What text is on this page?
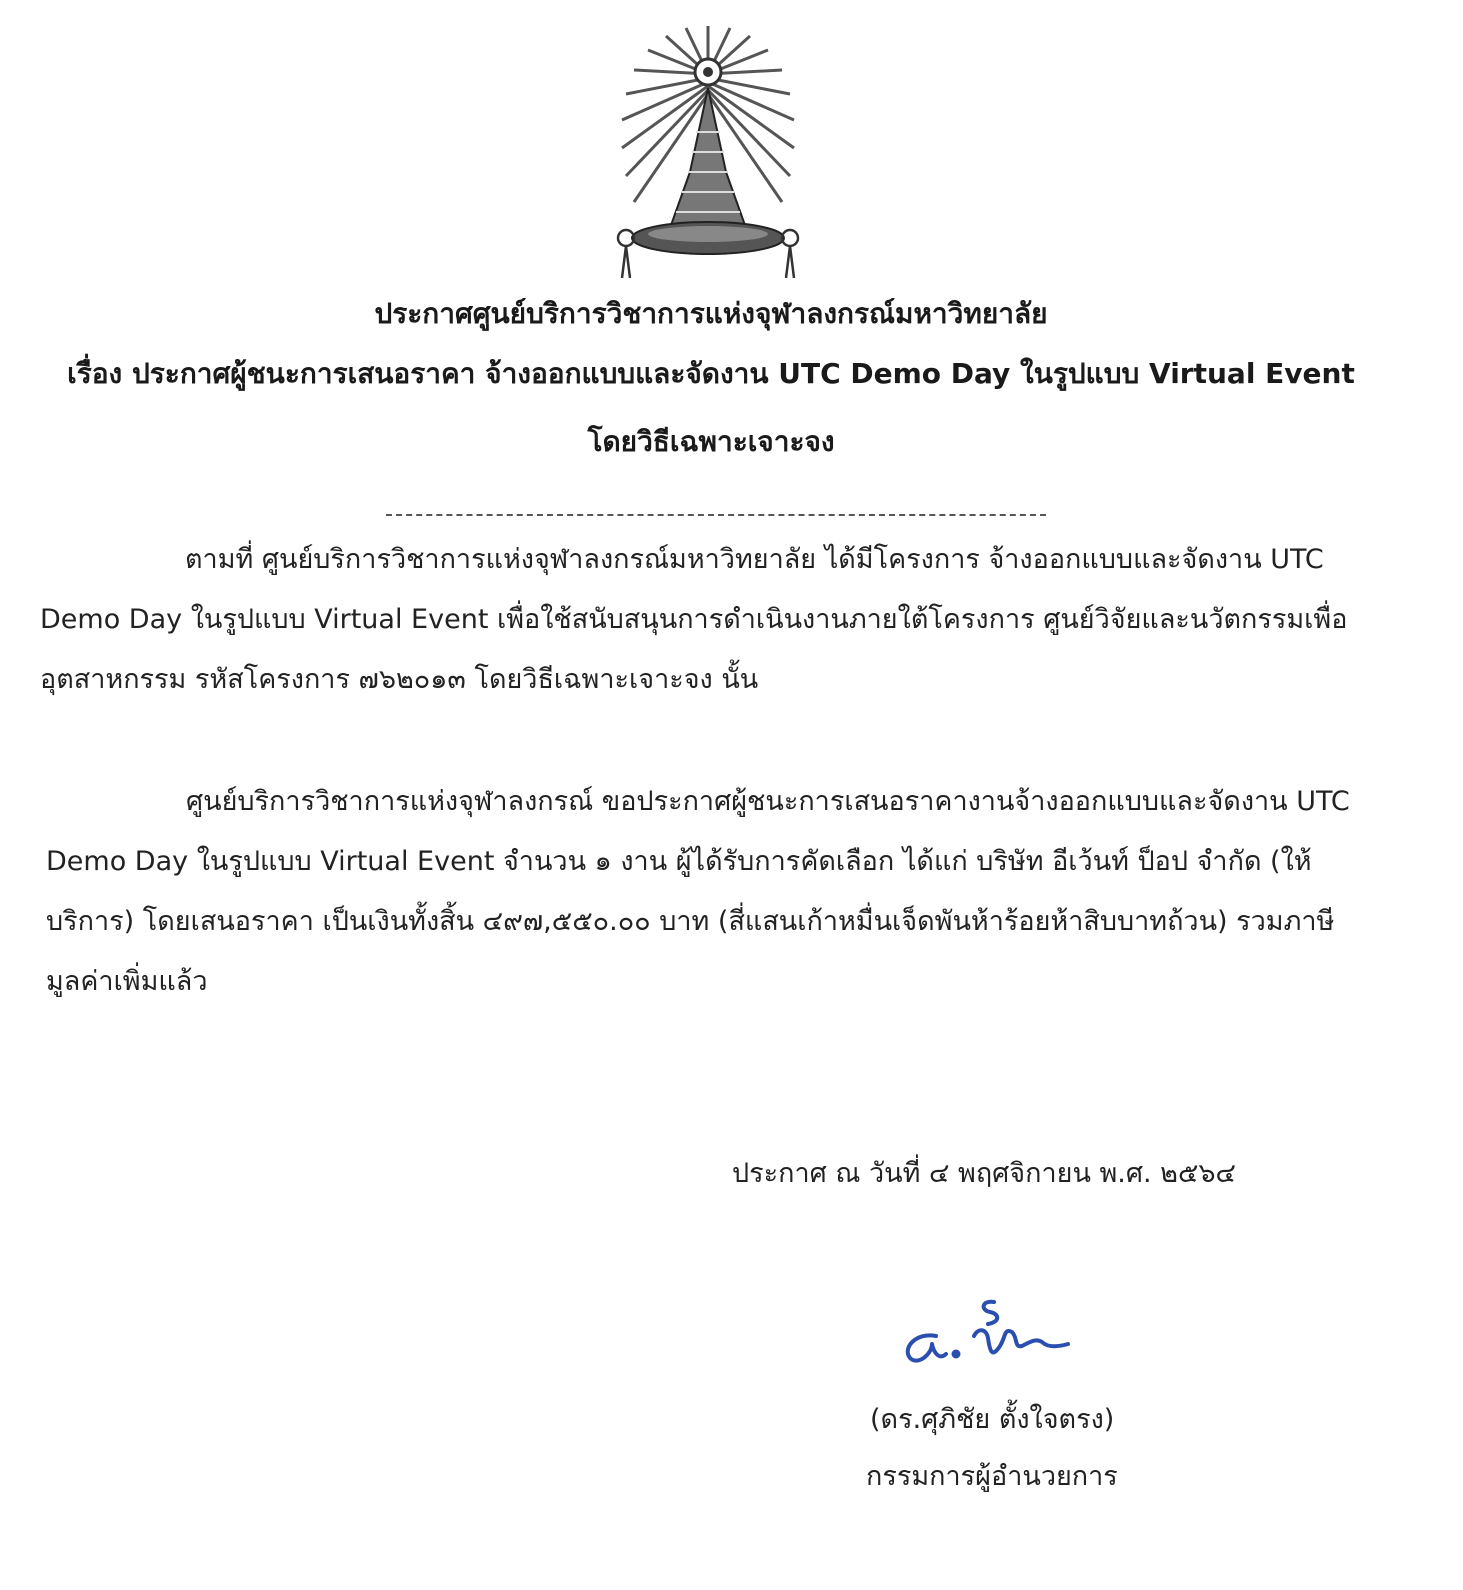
ประกาศศูนย์บริการวิชาการแห่งจุฬาลงกรณ์มหาวิทยาลัย
เรื่อง ประกาศผู้ชนะการเสนอราคา จ้างออกแบบและจัดงาน UTC Demo Day ในรูปแบบ Virtual Event
โดยวิธีเฉพาะเจาะจง
ตามที่ ศูนย์บริการวิชาการแห่งจุฬาลงกรณ์มหาวิทยาลัย ได้มีโครงการ จ้างออกแบบและจัดงาน UTC Demo Day ในรูปแบบ Virtual Event เพื่อใช้สนับสนุนการดำเนินงานภายใต้โครงการ ศูนย์วิจัยและนวัตกรรมเพื่ออุตสาหกรรม รหัสโครงการ ๗๖๒๐๑๓ โดยวิธีเฉพาะเจาะจง นั้น
ศูนย์บริการวิชาการแห่งจุฬาลงกรณ์ ขอประกาศผู้ชนะการเสนอราคางานจ้างออกแบบและจัดงาน UTC Demo Day ในรูปแบบ Virtual Event จำนวน ๑ งาน ผู้ได้รับการคัดเลือก ได้แก่ บริษัท อีเว้นท์ ป็อป จำกัด (ให้บริการ) โดยเสนอราคา เป็นเงินทั้งสิ้น ๔๙๗,๕๕๐.๐๐ บาท (สี่แสนเก้าหมื่นเจ็ดพันห้าร้อยห้าสิบบาทถ้วน) รวมภาษีมูลค่าเพิ่มแล้ว
ประกาศ ณ วันที่ ๔ พฤศจิกายน พ.ศ. ๒๕๖๔
(ดร.ศุภิชัย ตั้งใจตรง)
กรรมการผู้อำนวยการ
